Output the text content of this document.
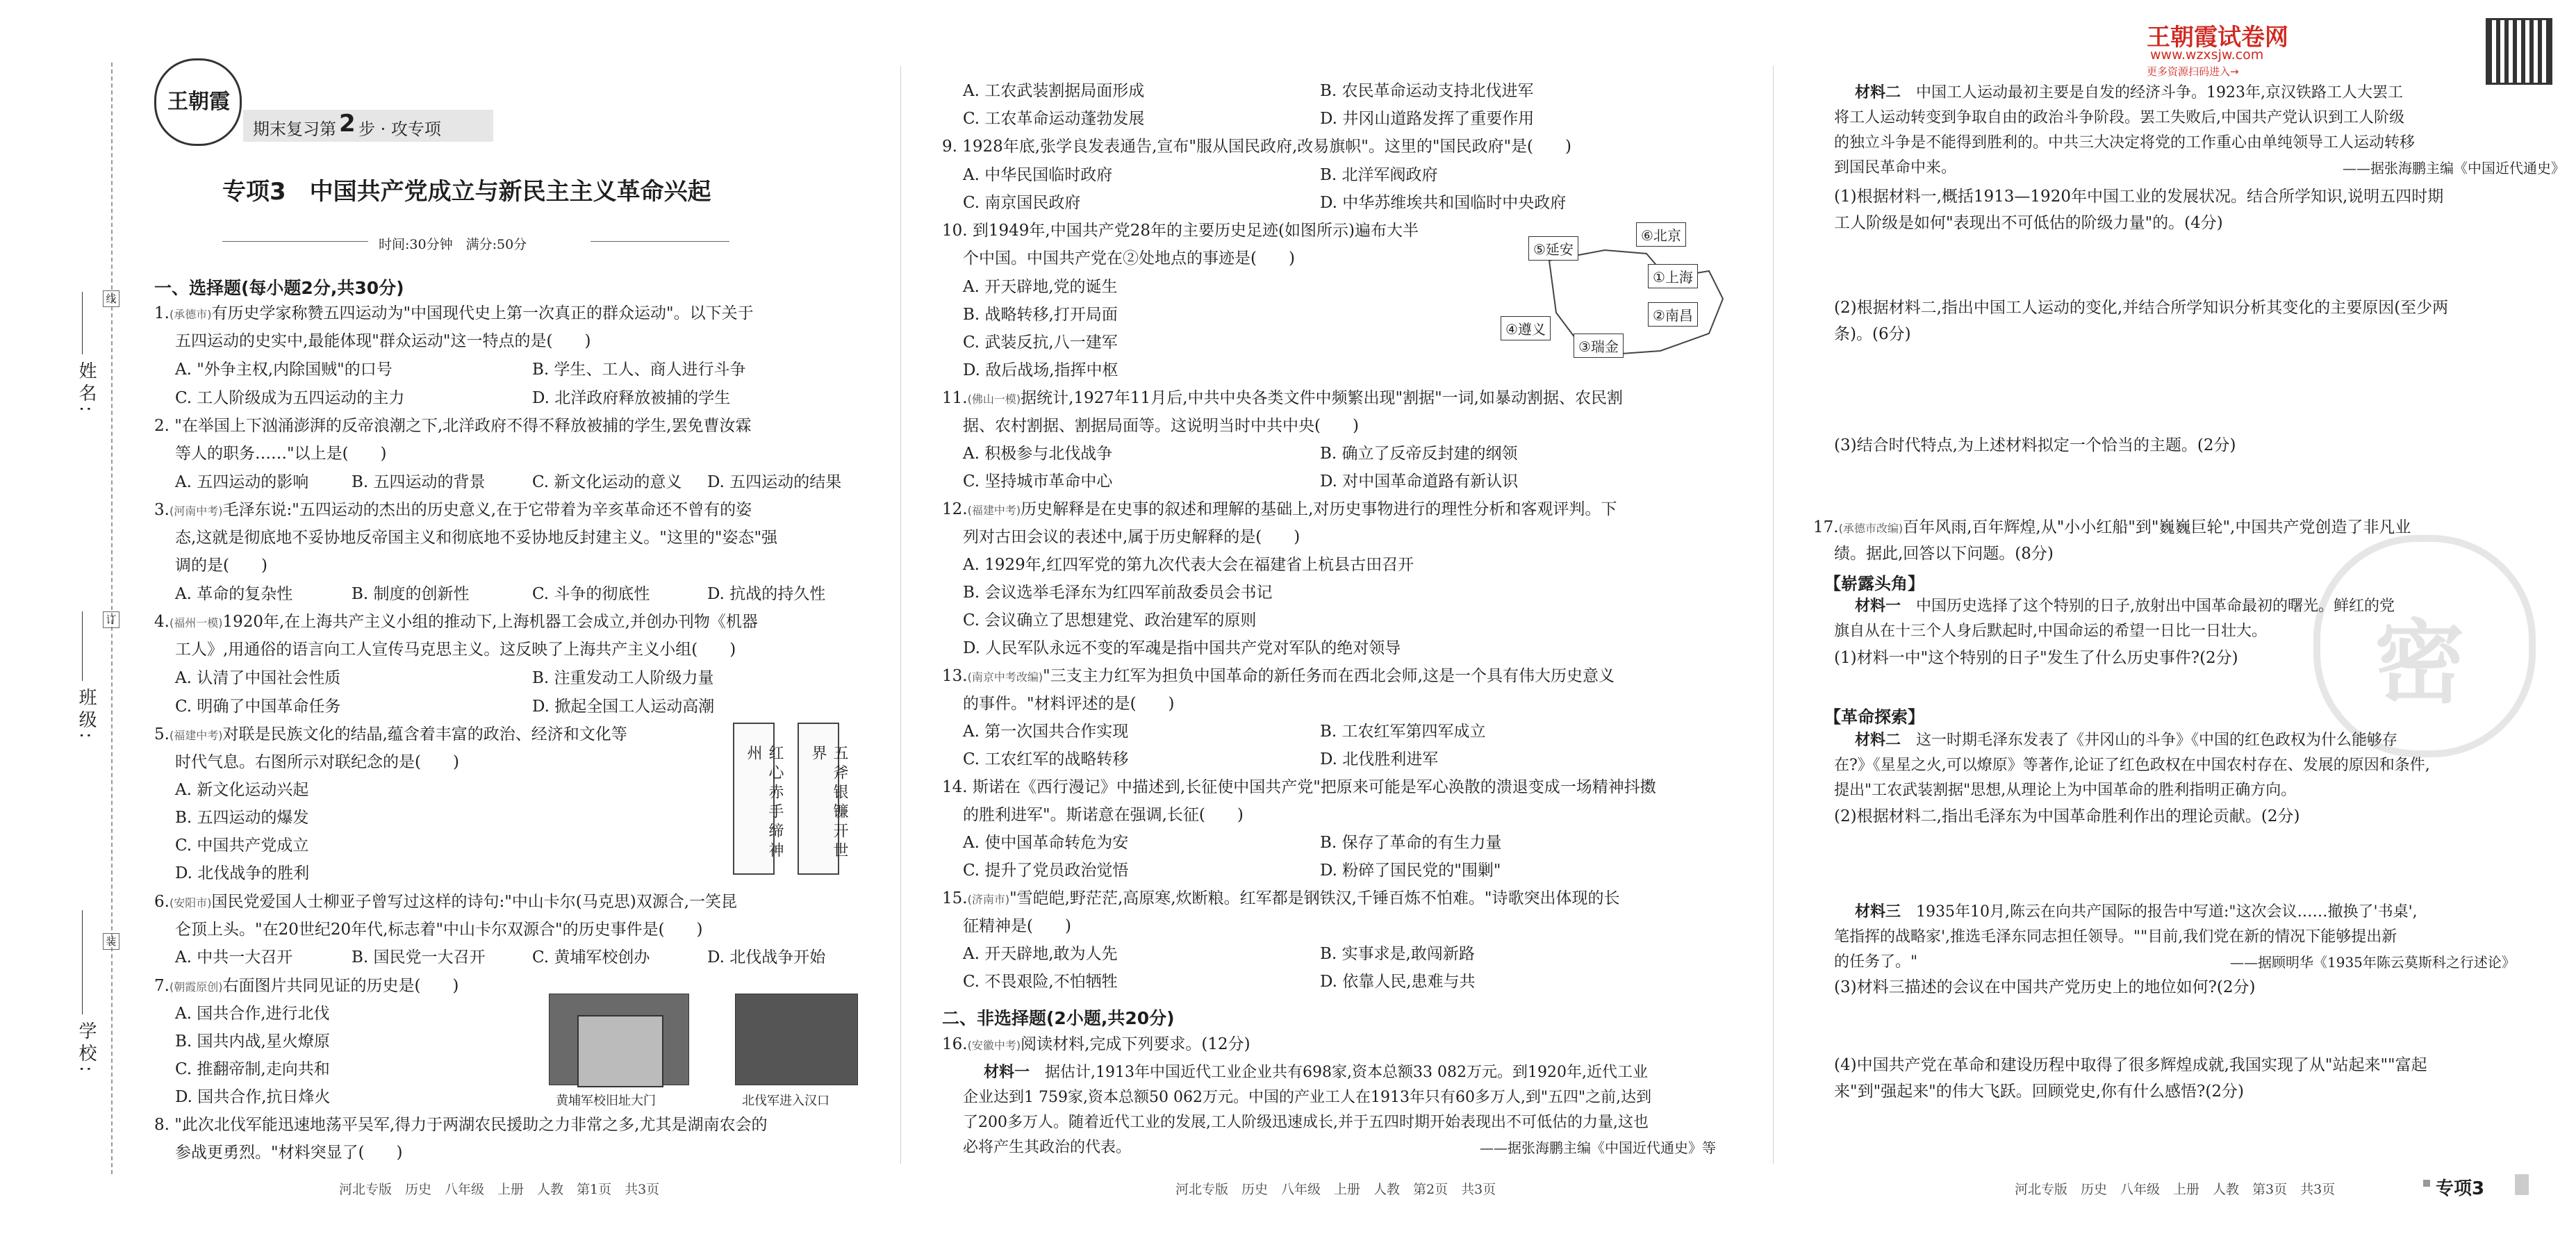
姓名:
班级:
学校:
线
订
装
王朝霞
期末复习第 2 步 · 攻专项
专项3　中国共产党成立与新民主主义革命兴起
时间:30分钟　满分:50分
一、选择题(每小题2分,共30分)
1.(承德市)有历史学家称赞五四运动为"中国现代史上第一次真正的群众运动"。以下关于
五四运动的史实中,最能体现"群众运动"这一特点的是(　　)
A. "外争主权,内除国贼"的口号	B. 学生、工人、商人进行斗争
C. 工人阶级成为五四运动的主力	D. 北洋政府释放被捕的学生
2. "在举国上下汹涌澎湃的反帝浪潮之下,北洋政府不得不释放被捕的学生,罢免曹汝霖
等人的职务……"以上是(　　)
A. 五四运动的影响	B. 五四运动的背景	C. 新文化运动的意义 D. 五四运动的结果
3.(河南中考)毛泽东说:"五四运动的杰出的历史意义,在于它带着为辛亥革命还不曾有的姿
态,这就是彻底地不妥协地反帝国主义和彻底地不妥协地反封建主义。"这里的"姿态"强
调的是(　　)
A. 革命的复杂性	B. 制度的创新性	C. 斗争的彻底性	D. 抗战的持久性
4.(福州一模)1920年,在上海共产主义小组的推动下,上海机器工会成立,并创办刊物《机器
工人》,用通俗的语言向工人宣传马克思主义。这反映了上海共产主义小组(　　)
A. 认清了中国社会性质	B. 注重发动工人阶级力量
C. 明确了中国革命任务	D. 掀起全国工人运动高潮
5.(福建中考)对联是民族文化的结晶,蕴含着丰富的政治、经济和文化等
时代气息。右图所示对联纪念的是(　　)
A. 新文化运动兴起
B. 五四运动的爆发
C. 中国共产党成立
D. 北伐战争的胜利
红心赤手缔神州	五斧银镰开世界
6.(安阳市)国民党爱国人士柳亚子曾写过这样的诗句:"中山卡尔(马克思)双源合,一笑昆
仑顶上头。"在20世纪20年代,标志着"中山卡尔双源合"的历史事件是(　　)
A. 中共一大召开	B. 国民党一大召开	C. 黄埔军校创办	D. 北伐战争开始
7.(朝霞原创)右面图片共同见证的历史是(　　)
A. 国共合作,进行北伐
B. 国共内战,星火燎原
C. 推翻帝制,走向共和
D. 国共合作,抗日烽火	黄埔军校旧址大门	北伐军进入汉口
8. "此次北伐军能迅速地荡平吴军,得力于两湖农民援助之力非常之多,尤其是湖南农会的
参战更勇烈。"材料突显了(　　)
河北专版　历史　八年级　上册　人教　第1页　共3页
A. 工农武装割据局面形成	B. 农民革命运动支持北伐进军
C. 工农革命运动蓬勃发展	D. 井冈山道路发挥了重要作用
9. 1928年底,张学良发表通告,宣布"服从国民政府,改易旗帜"。这里的"国民政府"是(　　)
A. 中华民国临时政府	B. 北洋军阀政府
C. 南京国民政府	D. 中华苏维埃共和国临时中央政府
10. 到1949年,中国共产党28年的主要历史足迹(如图所示)遍布大半
个中国。中国共产党在②处地点的事迹是(　　)
A. 开天辟地,党的诞生
B. 战略转移,打开局面
C. 武装反抗,八一建军
D. 敌后战场,指挥中枢
⑤延安
⑥北京
①上海
②南昌
④遵义
③瑞金
11.(佛山一模)据统计,1927年11月后,中共中央各类文件中频繁出现"割据"一词,如暴动割据、农民割
据、农村割据、割据局面等。这说明当时中共中央(　　)
A. 积极参与北伐战争	B. 确立了反帝反封建的纲领
C. 坚持城市革命中心	D. 对中国革命道路有新认识
12.(福建中考)历史解释是在史事的叙述和理解的基础上,对历史事物进行的理性分析和客观评判。下
列对古田会议的表述中,属于历史解释的是(　　)
A. 1929年,红四军党的第九次代表大会在福建省上杭县古田召开
B. 会议选举毛泽东为红四军前敌委员会书记
C. 会议确立了思想建党、政治建军的原则
D. 人民军队永远不变的军魂是指中国共产党对军队的绝对领导
13.(南京中考改编)"三支主力红军为担负中国革命的新任务而在西北会师,这是一个具有伟大历史意义
的事件。"材料评述的是(　　)
A. 第一次国共合作实现	B. 工农红军第四军成立
C. 工农红军的战略转移	D. 北伐胜利进军
14. 斯诺在《西行漫记》中描述到,长征使中国共产党"把原来可能是军心涣散的溃退变成一场精神抖擞
的胜利进军"。斯诺意在强调,长征(　　)
A. 使中国革命转危为安	B. 保存了革命的有生力量
C. 提升了党员政治觉悟	D. 粉碎了国民党的"围剿"
15.(济南市)"雪皑皑,野茫茫,高原寒,炊断粮。红军都是钢铁汉,千锤百炼不怕难。"诗歌突出体现的长
征精神是(　　)
A. 开天辟地,敢为人先	B. 实事求是,敢闯新路
C. 不畏艰险,不怕牺牲	D. 依靠人民,患难与共
二、非选择题(2小题,共20分)
16.(安徽中考)阅读材料,完成下列要求。(12分)
材料一　 据估计,1913年中国近代工业企业共有698家,资本总额33 082万元。到1920年,近代工业
企业达到1 759家,资本总额50 062万元。中国的产业工人在1913年只有60多万人,到"五四"之前,达到
了200多万人。随着近代工业的发展,工人阶级迅速成长,并于五四时期开始表现出不可低估的力量,这也
必将产生其政治的代表。	——据张海鹏主编《中国近代通史》等
河北专版　历史　八年级　上册　人教　第2页　共3页
王朝霞试卷网
www.wzxsjw.com
更多资源扫码进入→
材料二　 中国工人运动最初主要是自发的经济斗争。1923年,京汉铁路工人大罢工
将工人运动转变到争取自由的政治斗争阶段。罢工失败后,中国共产党认识到工人阶级
的独立斗争是不能得到胜利的。中共三大决定将党的工作重心由单纯领导工人运动转移
到国民革命中来。	——据张海鹏主编《中国近代通史》
(1)根据材料一,概括1913—1920年中国工业的发展状况。结合所学知识,说明五四时期
工人阶级是如何"表现出不可低估的阶级力量"的。(4分)
(2)根据材料二,指出中国工人运动的变化,并结合所学知识分析其变化的主要原因(至少两
条)。(6分)
(3)结合时代特点,为上述材料拟定一个恰当的主题。(2分)
密
17.(承德市改编)百年风雨,百年辉煌,从"小小红船"到"巍巍巨轮",中国共产党创造了非凡业
绩。据此,回答以下问题。(8分)
【崭露头角】
材料一　 中国历史选择了这个特别的日子,放射出中国革命最初的曙光。鲜红的党
旗自从在十三个人身后默起时,中国命运的希望一日比一日壮大。
(1)材料一中"这个特别的日子"发生了什么历史事件?(2分)
【革命探索】
材料二　 这一时期毛泽东发表了《井冈山的斗争》《中国的红色政权为什么能够存
在?》《星星之火,可以燎原》等著作,论证了红色政权在中国农村存在、发展的原因和条件,
提出"工农武装割据"思想,从理论上为中国革命的胜利指明正确方向。
(2)根据材料二,指出毛泽东为中国革命胜利作出的理论贡献。(2分)
材料三　 1935年10月,陈云在向共产国际的报告中写道:"这次会议……撤换了'书桌',
笔指挥的战略家',推选毛泽东同志担任领导。""目前,我们党在新的情况下能够提出新
的任务了。"	——据顾明华《1935年陈云莫斯科之行述论》
(3)材料三描述的会议在中国共产党历史上的地位如何?(2分)
(4)中国共产党在革命和建设历程中取得了很多辉煌成就,我国实现了从"站起来""富起
来"到"强起来"的伟大飞跃。回顾党史,你有什么感悟?(2分)
河北专版　历史　八年级　上册　人教　第3页　共3页	专项3
